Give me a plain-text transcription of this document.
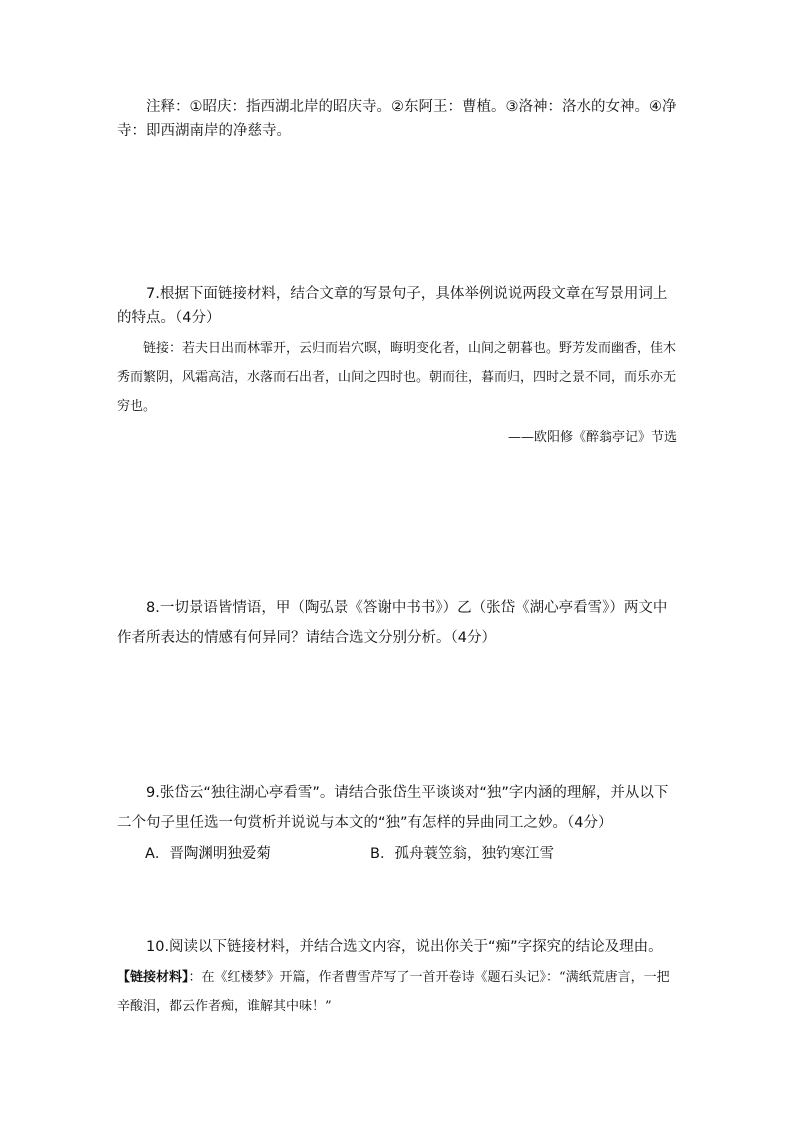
注释：①昭庆：指西湖北岸的昭庆寺。②东阿王：曹植。③洛神：洛水的女神。④净寺：即西湖南岸的净慈寺。

7.根据下面链接材料，结合文章的写景句子，具体举例说说两段文章在写景用词上的特点。（4分）

链接：若夫日出而林霏开，云归而岩穴暝，晦明变化者，山间之朝暮也。野芳发而幽香，佳木秀而繁阴，风霜高洁，水落而石出者，山间之四时也。朝而往，暮而归，四时之景不同，而乐亦无穷也。

——欧阳修《醉翁亭记》节选

8.一切景语皆情语，甲（陶弘景《答谢中书书》）乙（张岱《湖心亭看雪》）两文中作者所表达的情感有何异同？请结合选文分别分析。（4分）

9.张岱云“独往湖心亭看雪”。请结合张岱生平谈谈对“独”字内涵的理解，并从以下二个句子里任选一句赏析并说说与本文的“独”有怎样的异曲同工之妙。（4分）

A．晋陶渊明独爱菊	B．孤舟蓑笠翁，独钓寒江雪

10.阅读以下链接材料，并结合选文内容，说出你关于“痴”字探究的结论及理由。

【链接材料】：在《红楼梦》开篇，作者曹雪芹写了一首开卷诗《题石头记》：“满纸荒唐言，一把辛酸泪，都云作者痴，谁解其中味！”
